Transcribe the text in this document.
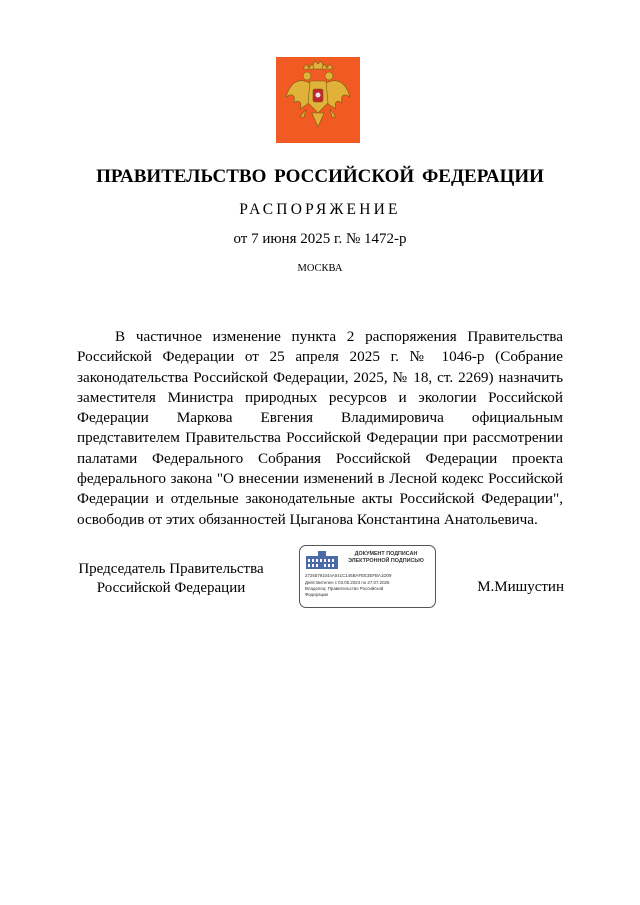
ПРАВИТЕЛЬСТВО РОССИЙСКОЙ ФЕДЕРАЦИИ
РАСПОРЯЖЕНИЕ
от 7 июня 2025 г. № 1472-р
МОСКВА
В частичное изменение пункта 2 распоряжения Правительства Российской Федерации от 25 апреля 2025 г. № 1046-р (Собрание законодательства Российской Федерации, 2025, № 18, ст. 2269) назначить заместителя Министра природных ресурсов и экологии Российской Федерации Маркова Евгения Владимировича официальным представителем Правительства Российской Федерации при рассмотрении палатами Федерального Собрания Российской Федерации проекта федерального закона "О внесении изменений в Лесной кодекс Российской Федерации и отдельные законодательные акты Российской Федерации", освободив от этих обязанностей Цыганова Константина Анатольевича.
Председатель Правительства
Российской Федерации
ДОКУМЕНТ ПОДПИСАН
ЭЛЕКТРОННОЙ ПОДПИСЬЮ
27265791044A041C145BAFEE3EFBA1D09
Действителен с 03.05.2024 по 27.07.2025
Владелец: Правительство Российской
Федерации	М.Мишустин
